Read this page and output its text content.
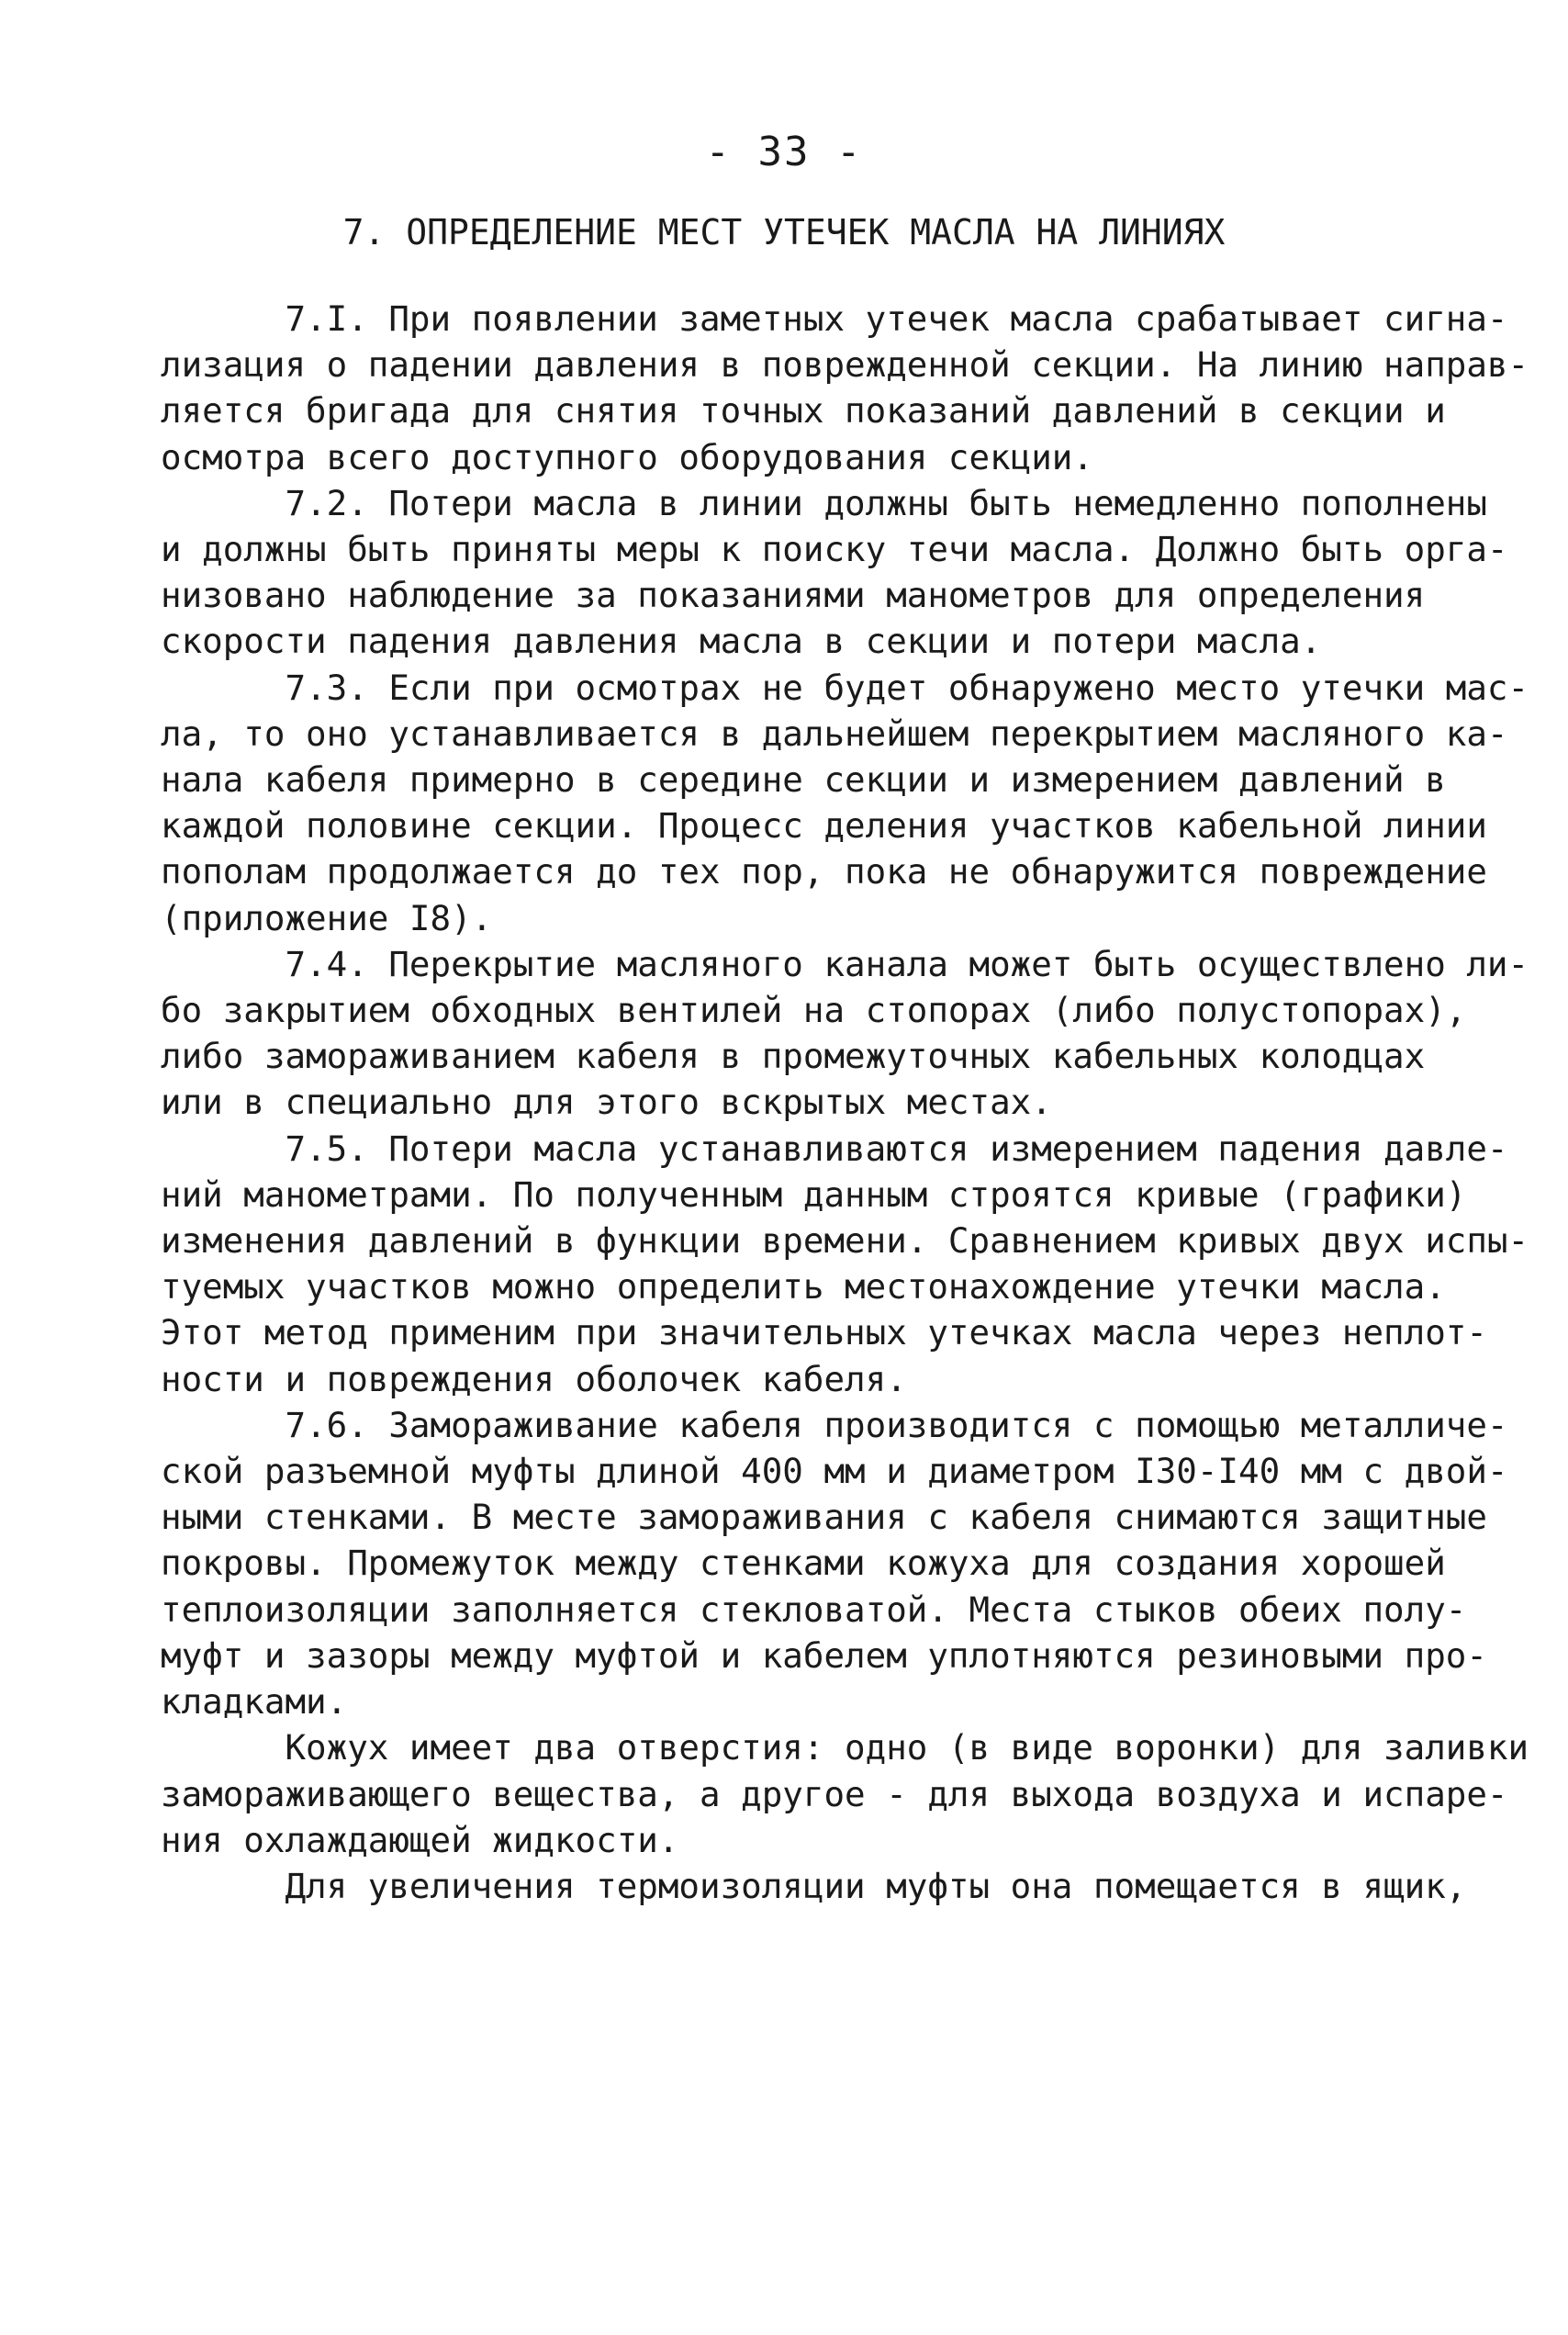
- 33 -
7. ОПРЕДЕЛЕНИЕ МЕСТ УТЕЧЕК МАСЛА НА ЛИНИЯХ
7.I. При появлении заметных утечек масла срабатывает сигна-
лизация о падении давления в поврежденной секции. На линию направ-
ляется бригада для снятия точных показаний давлений в секции и
осмотра всего доступного оборудования секции.
7.2. Потери масла в линии должны быть немедленно пополнены
и должны быть приняты меры к поиску течи масла. Должно быть орга-
низовано наблюдение за показаниями манометров для определения
скорости падения давления масла в секции и потери масла.
7.3. Если при осмотрах не будет обнаружено место утечки мас-
ла, то оно устанавливается в дальнейшем перекрытием масляного ка-
нала кабеля примерно в середине секции и измерением давлений в
каждой половине секции. Процесс деления участков кабельной линии
пополам продолжается до тех пор, пока не обнаружится повреждение
(приложение I8).
7.4. Перекрытие масляного канала может быть осуществлено ли-
бо закрытием обходных вентилей на стопорах (либо полустопорах),
либо замораживанием кабеля в промежуточных кабельных колодцах
или в специально для этого вскрытых местах.
7.5. Потери масла устанавливаются измерением падения давле-
ний манометрами. По полученным данным строятся кривые (графики)
изменения давлений в функции времени. Сравнением кривых двух испы-
туемых участков можно определить местонахождение утечки масла.
Этот метод применим при значительных утечках масла через неплот-
ности и повреждения оболочек кабеля.
7.6. Замораживание кабеля производится с помощью металличе-
ской разъемной муфты длиной 400 мм и диаметром I30-I40 мм с двой-
ными стенками. В месте замораживания с кабеля снимаются защитные
покровы. Промежуток между стенками кожуха для создания хорошей
теплоизоляции заполняется стекловатой. Места стыков обеих полу-
муфт и зазоры между муфтой и кабелем уплотняются резиновыми про-
кладками.
Кожух имеет два отверстия: одно (в виде воронки) для заливки
замораживающего вещества, а другое - для выхода воздуха и испаре-
ния охлаждающей жидкости.
Для увеличения термоизоляции муфты она помещается в ящик,
